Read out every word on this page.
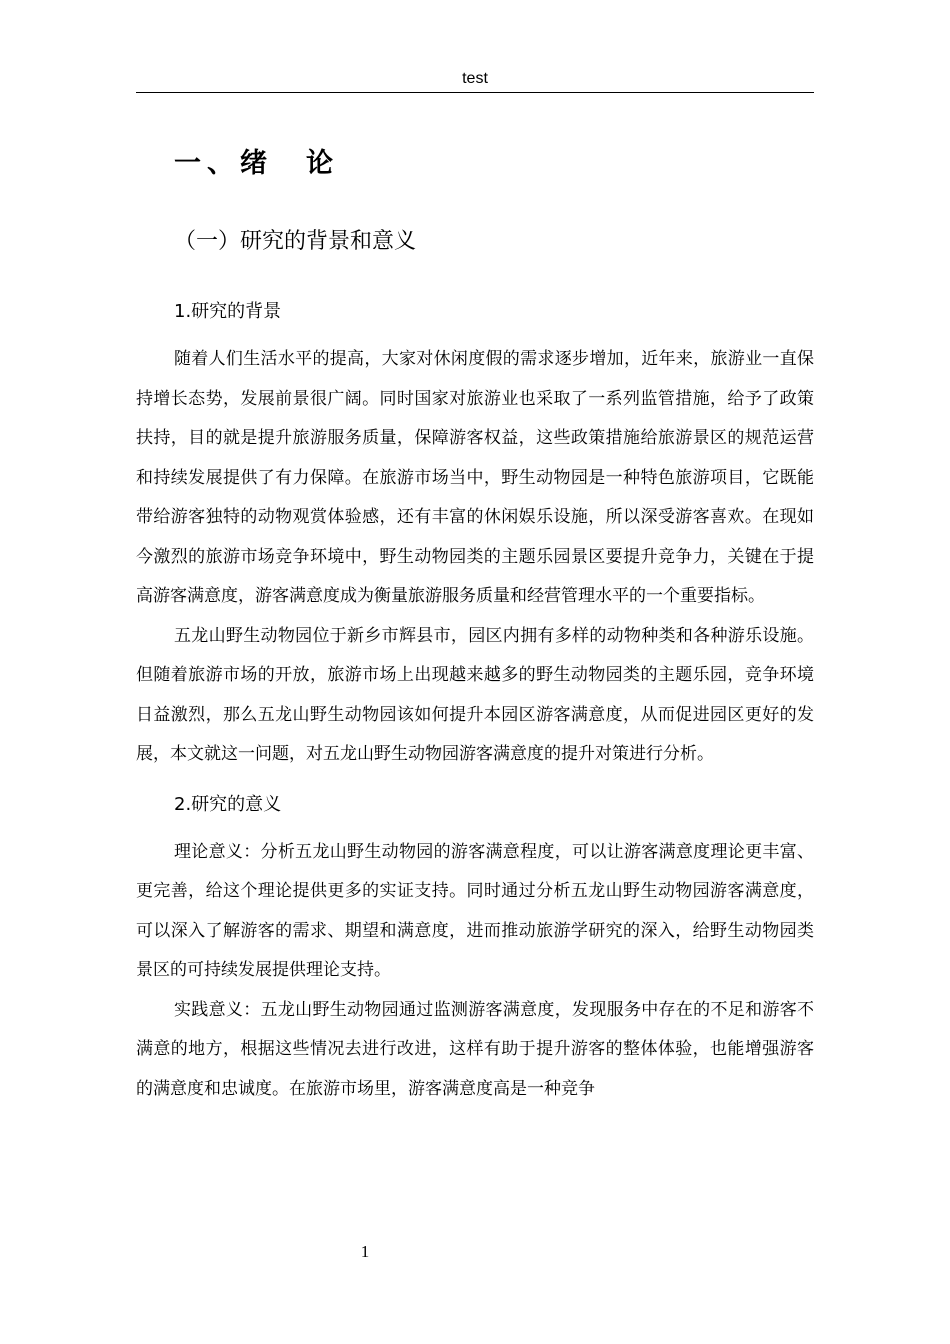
test
一、绪　论
（一）研究的背景和意义
1.研究的背景

随着人们生活水平的提高，大家对休闲度假的需求逐步增加，近年来，旅游业一直保持增长态势，发展前景很广阔。同时国家对旅游业也采取了一系列监管措施，给予了政策扶持，目的就是提升旅游服务质量，保障游客权益，这些政策措施给旅游景区的规范运营和持续发展提供了有力保障。在旅游市场当中，野生动物园是一种特色旅游项目，它既能带给游客独特的动物观赏体验感，还有丰富的休闲娱乐设施，所以深受游客喜欢。在现如今激烈的旅游市场竞争环境中，野生动物园类的主题乐园景区要提升竞争力，关键在于提高游客满意度，游客满意度成为衡量旅游服务质量和经营管理水平的一个重要指标。

五龙山野生动物园位于新乡市辉县市，园区内拥有多样的动物种类和各种游乐设施。但随着旅游市场的开放，旅游市场上出现越来越多的野生动物园类的主题乐园，竞争环境日益激烈，那么五龙山野生动物园该如何提升本园区游客满意度，从而促进园区更好的发展，本文就这一问题，对五龙山野生动物园游客满意度的提升对策进行分析。

2.研究的意义

理论意义：分析五龙山野生动物园的游客满意程度，可以让游客满意度理论更丰富、更完善，给这个理论提供更多的实证支持。同时通过分析五龙山野生动物园游客满意度，可以深入了解游客的需求、期望和满意度，进而推动旅游学研究的深入，给野生动物园类景区的可持续发展提供理论支持。

实践意义：五龙山野生动物园通过监测游客满意度，发现服务中存在的不足和游客不满意的地方，根据这些情况去进行改进，这样有助于提升游客的整体体验，也能增强游客的满意度和忠诚度。在旅游市场里，游客满意度高是一种竞争

1
